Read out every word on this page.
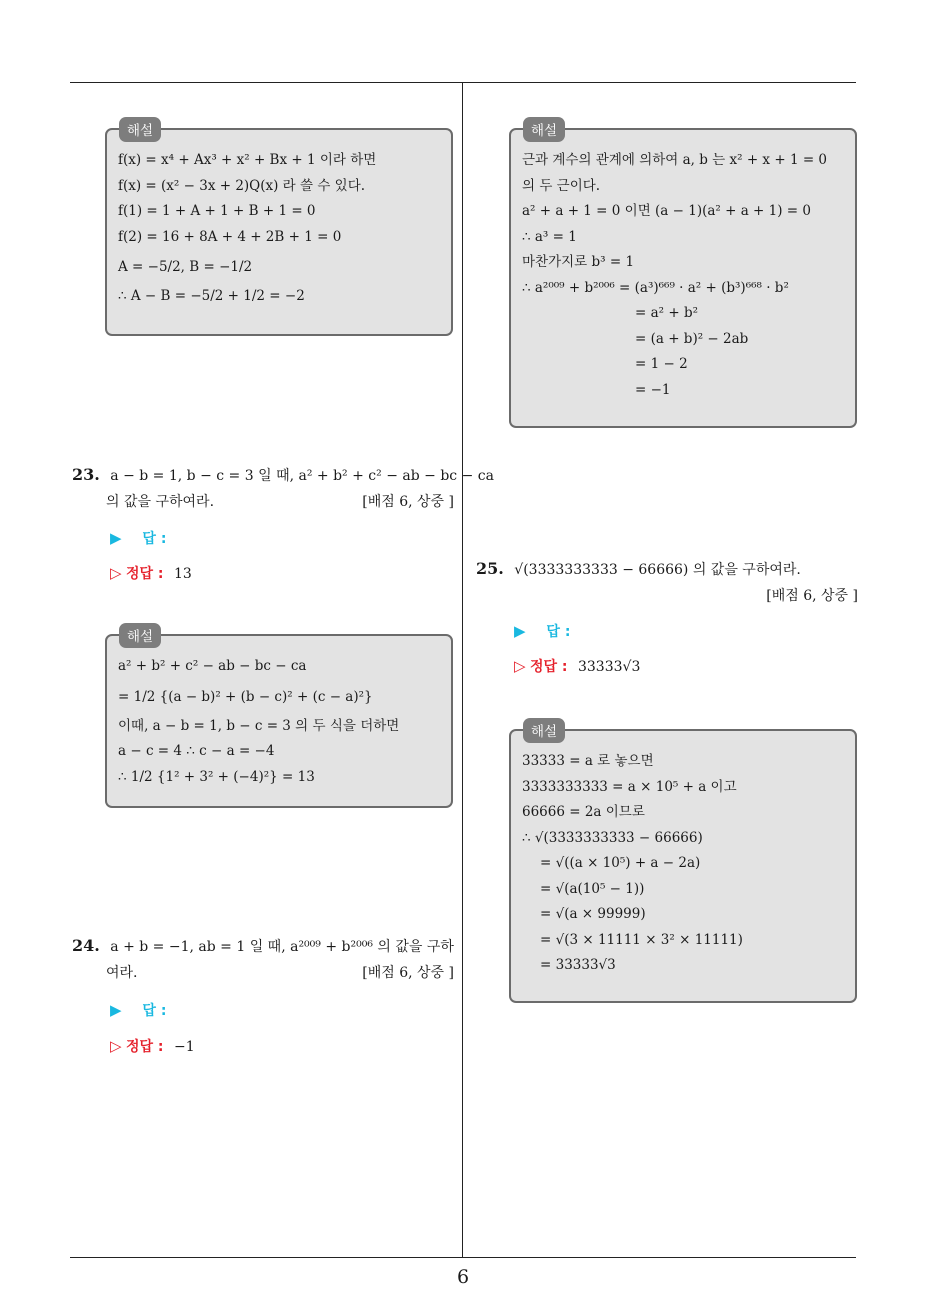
해설
f(x) = x⁴ + Ax³ + x² + Bx + 1 이라 하면
f(x) = (x² − 3x + 2)Q(x) 라 쓸 수 있다.
f(1) = 1 + A + 1 + B + 1 = 0
f(2) = 16 + 8A + 4 + 2B + 1 = 0
A = −5/2, B = −1/2
∴ A − B = −5/2 + 1/2 = −2
23. a − b = 1, b − c = 3 일 때, a² + b² + c² − ab − bc − ca
의 값을 구하여라.	[배점 6, 상중 ]
▶ 답 :
▷ 정답 : 13
해설
a² + b² + c² − ab − bc − ca
= 1/2 {(a − b)² + (b − c)² + (c − a)²}
이때, a − b = 1, b − c = 3 의 두 식을 더하면
a − c = 4 ∴ c − a = −4
∴ 1/2 {1² + 3² + (−4)²} = 13
24. a + b = −1, ab = 1 일 때, a²⁰⁰⁹ + b²⁰⁰⁶ 의 값을 구하
여라.	[배점 6, 상중 ]
▶ 답 :
▷ 정답 : −1
해설
근과 계수의 관계에 의하여 a, b 는 x² + x + 1 = 0
의 두 근이다.
a² + a + 1 = 0 이면 (a − 1)(a² + a + 1) = 0
∴ a³ = 1
마찬가지로 b³ = 1
∴ a²⁰⁰⁹ + b²⁰⁰⁶ = (a³)⁶⁶⁹ · a² + (b³)⁶⁶⁸ · b²
= a² + b²
= (a + b)² − 2ab
= 1 − 2
= −1
25. √(3333333333 − 66666) 의 값을 구하여라.
[배점 6, 상중 ]
▶ 답 :
▷ 정답 : 33333√3
해설
33333 = a 로 놓으면
3333333333 = a × 10⁵ + a 이고
66666 = 2a 이므로
∴ √(3333333333 − 66666)
= √((a × 10⁵) + a − 2a)
= √(a(10⁵ − 1))
= √(a × 99999)
= √(3 × 11111 × 3² × 11111)
= 33333√3
6
